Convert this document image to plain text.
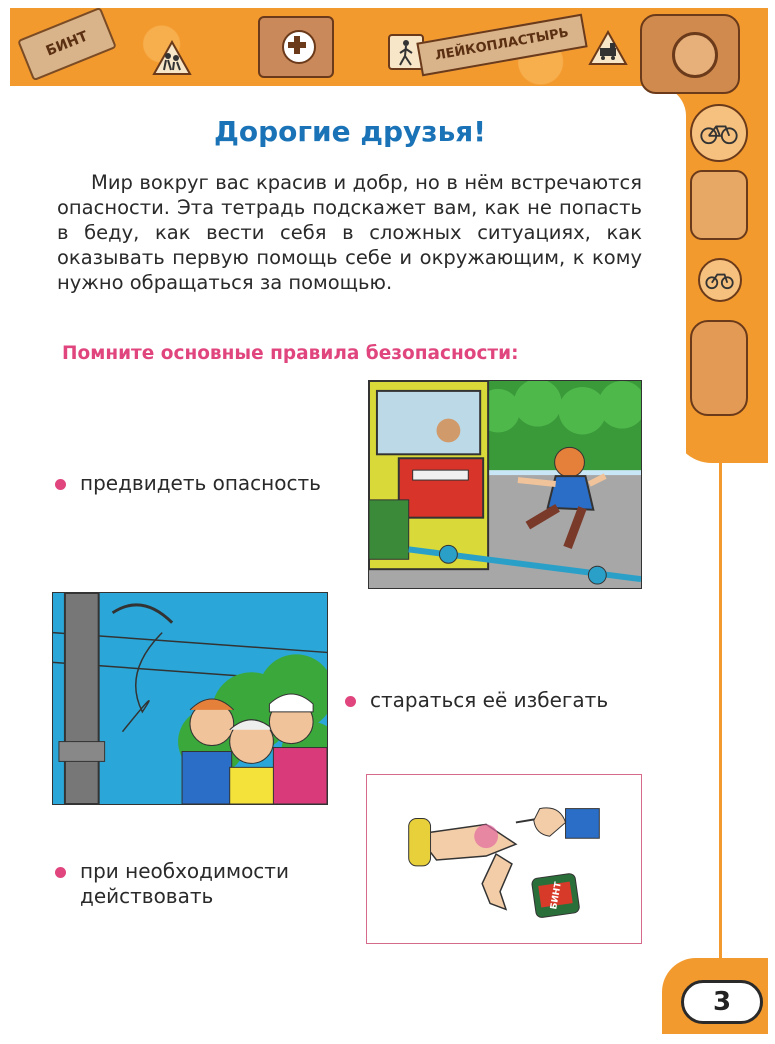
БИНТ	ЛЕЙКОПЛАСТЫРЬ
3
Дорогие друзья!
Мир вокруг вас красив и добр, но в нём встречаются опасности. Эта тетрадь подскажет вам, как не попасть в беду, как вести себя в сложных ситуациях, как оказывать первую помощь себе и окружающим, к кому нужно обращаться за помощью.
Помните основные правила безопасности:
предвидеть опасность
стараться её избегать
при необходимости действовать	БИНТ
